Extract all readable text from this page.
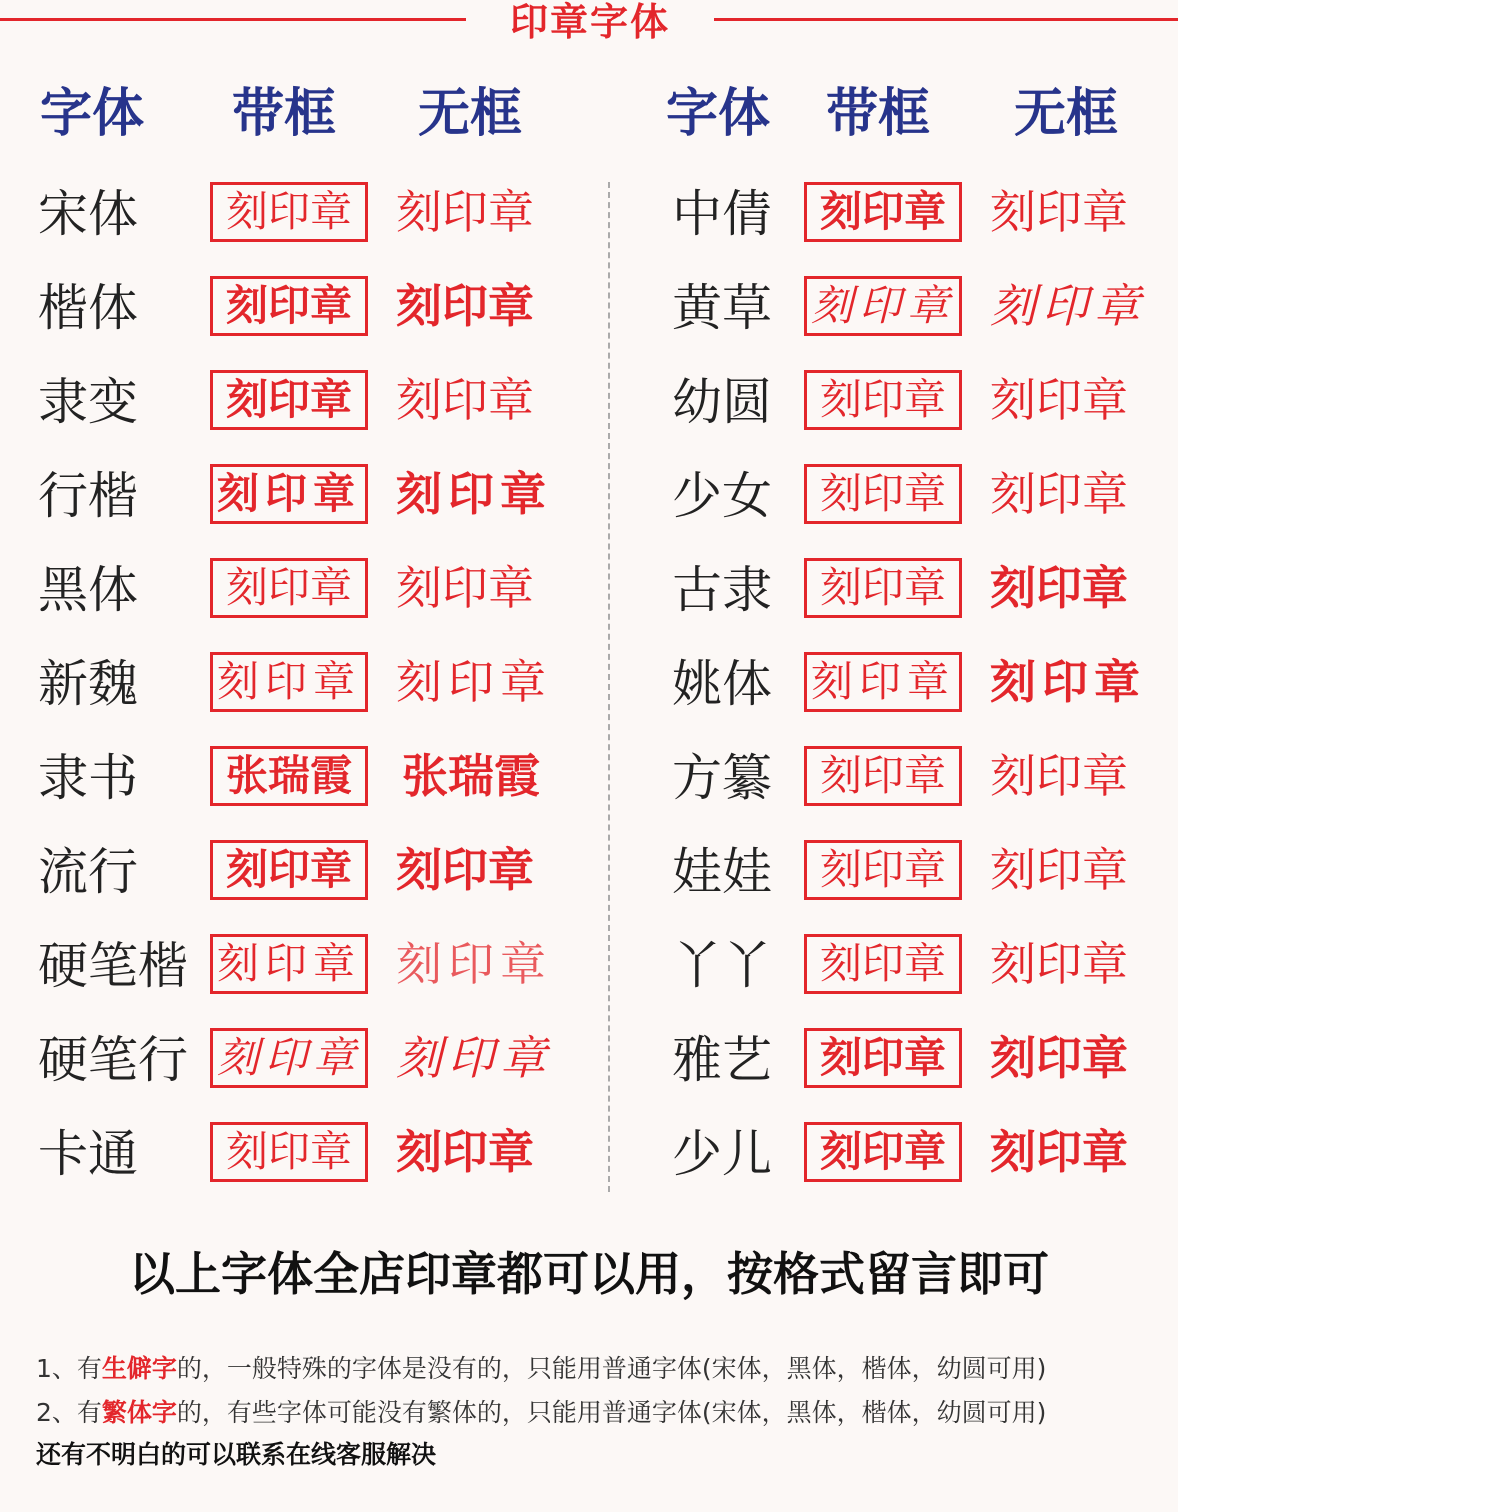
印章字体
字体 带框 无框	字体 带框 无框
宋体	刻印章 刻印章
楷体	刻印章 刻印章
隶变	刻印章 刻印章
行楷 刻印章 刻印章
黑体	刻印章 刻印章
新魏 刻印章 刻印章
隶书	张瑞霞	张瑞霞
流行	刻印章 刻印章
硬笔楷 刻印章 刻印章
硬笔行 刻印章 刻印章
卡通	刻印章 刻印章
中倩	刻印章 刻印章
黄草 刻印章 刻印章
幼圆	刻印章 刻印章
少女	刻印章 刻印章
古隶	刻印章 刻印章
姚体 刻印章 刻印章
方纂	刻印章 刻印章
娃娃	刻印章 刻印章
丫丫	刻印章 刻印章
雅艺	刻印章 刻印章
少儿	刻印章 刻印章
以上字体全店印章都可以用，按格式留言即可
1、有生僻字的，一般特殊的字体是没有的，只能用普通字体(宋体，黑体，楷体，幼圆可用)
2、有繁体字的，有些字体可能没有繁体的，只能用普通字体(宋体，黑体，楷体，幼圆可用)
还有不明白的可以联系在线客服解决
